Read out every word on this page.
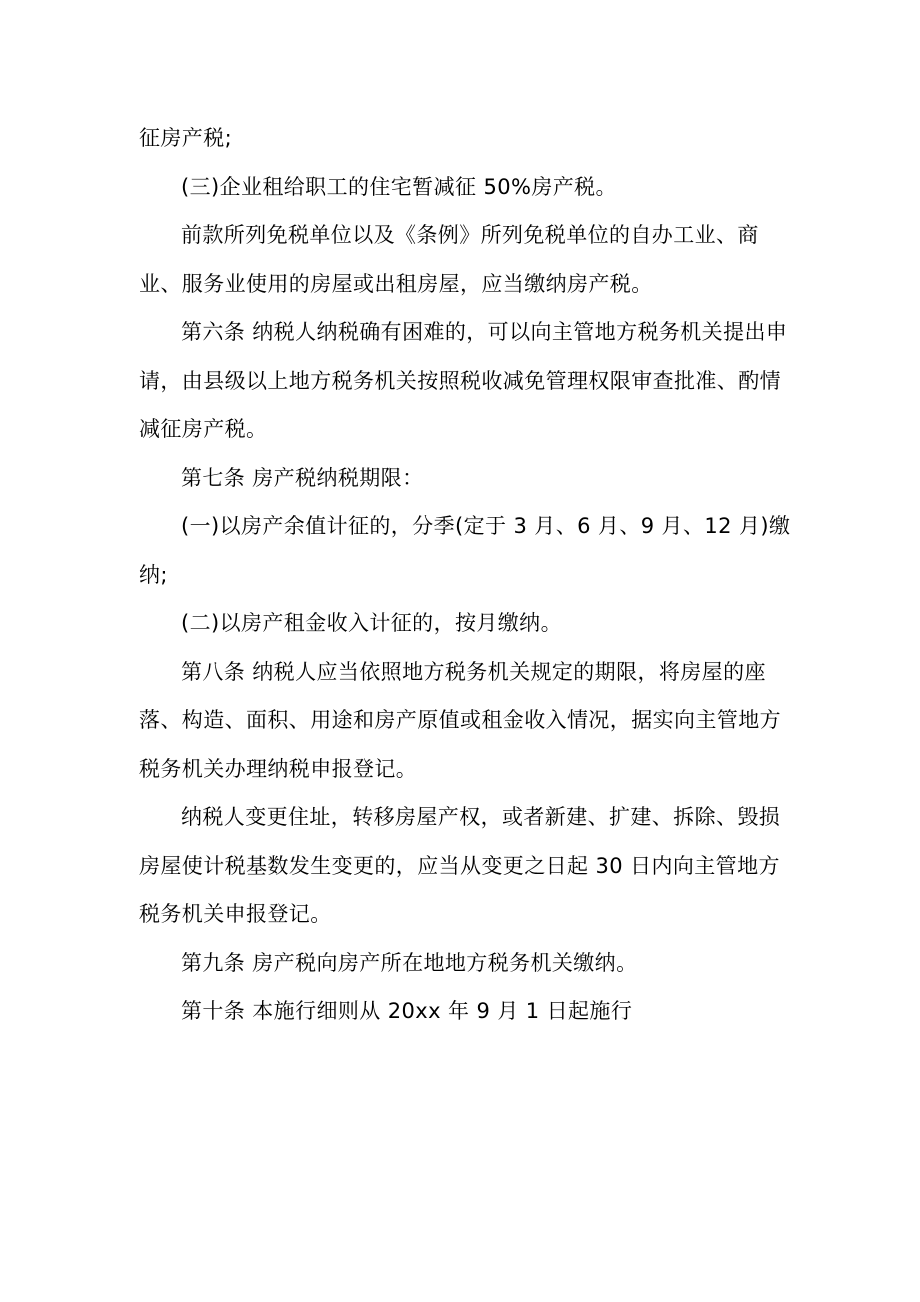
征房产税;

(三)企业租给职工的住宅暂减征 50%房产税。

前款所列免税单位以及《条例》所列免税单位的自办工业、商业、服务业使用的房屋或出租房屋，应当缴纳房产税。

第六条 纳税人纳税确有困难的，可以向主管地方税务机关提出申请，由县级以上地方税务机关按照税收减免管理权限审查批准、酌情减征房产税。

第七条 房产税纳税期限：

(一)以房产余值计征的，分季(定于 3 月、6 月、9 月、12 月)缴纳;

(二)以房产租金收入计征的，按月缴纳。

第八条 纳税人应当依照地方税务机关规定的期限，将房屋的座落、构造、面积、用途和房产原值或租金收入情况，据实向主管地方税务机关办理纳税申报登记。

纳税人变更住址，转移房屋产权，或者新建、扩建、拆除、毁损房屋使计税基数发生变更的，应当从变更之日起 30 日内向主管地方税务机关申报登记。

第九条 房产税向房产所在地地方税务机关缴纳。

第十条 本施行细则从 20xx 年 9 月 1 日起施行
